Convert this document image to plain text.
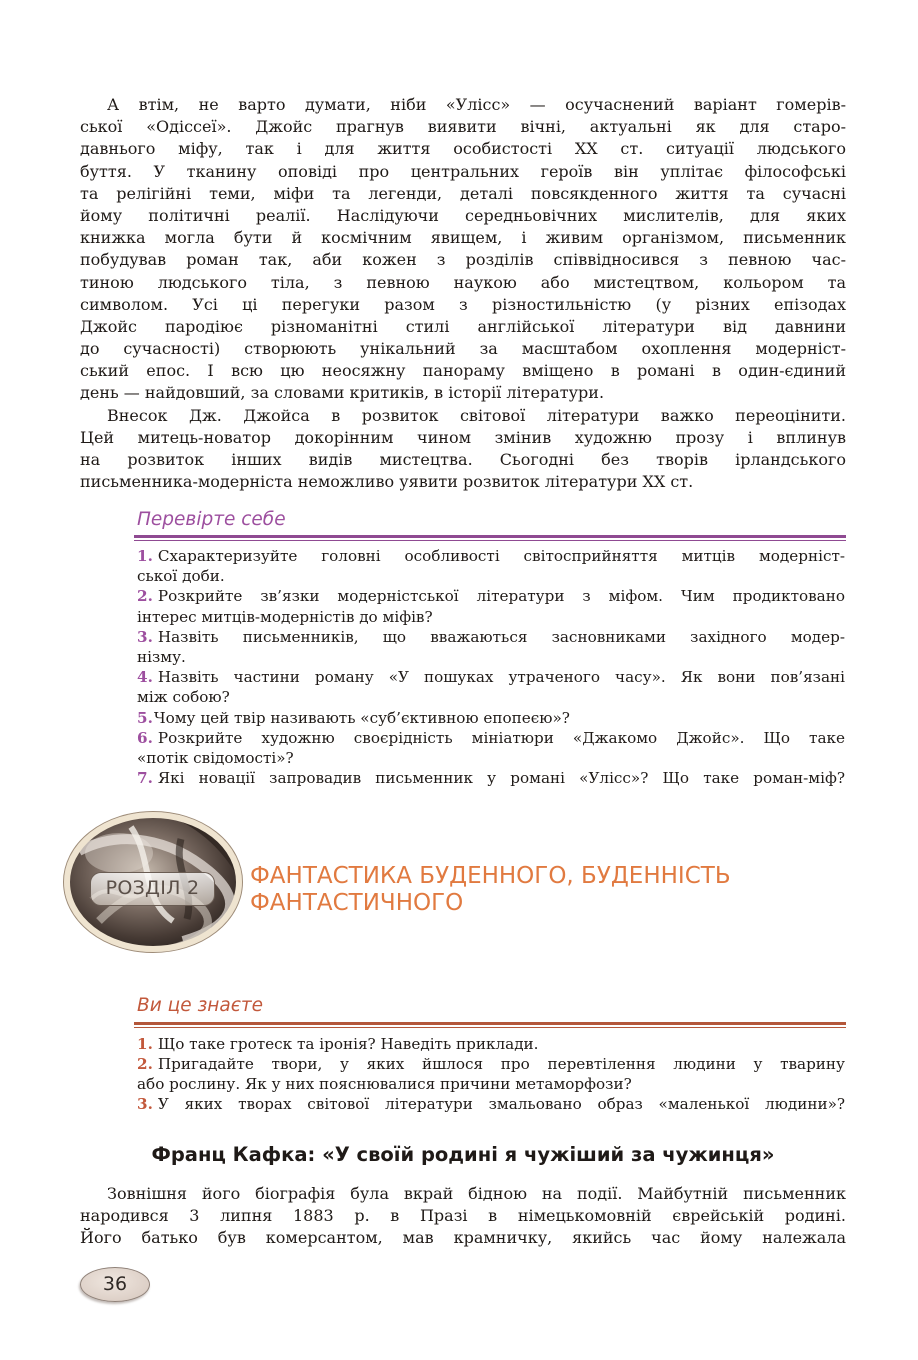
А втім, не варто думати, ніби «Улісс» — осучаснений варіант гомерів-
ської «Одіссеї». Джойс прагнув виявити вічні, актуальні як для старо-
давнього міфу, так і для життя особистості XX ст. ситуації людського
буття. У тканину оповіді про центральних героїв він уплітає філософські
та релігійні теми, міфи та легенди, деталі повсякденного життя та сучасні
йому політичні реалії. Наслідуючи середньовічних мислителів, для яких
книжка могла бути й космічним явищем, і живим організмом, письменник
побудував роман так, аби кожен з розділів співвідносився з певною час-
тиною людського тіла, з певною наукою або мистецтвом, кольором та
символом. Усі ці перегуки разом з різностильністю (у різних епізодах
Джойс пародіює різноманітні стилі англійської літератури від давнини
до сучасності) створюють унікальний за масштабом охоплення модерніст-
ський епос. І всю цю неосяжну панораму вміщено в романі в один-єдиний
день — найдовший, за словами критиків, в історії літератури.
Внесок Дж. Джойса в розвиток світової літератури важко переоцінити.
Цей митець-новатор докорінним чином змінив художню прозу і вплинув
на розвиток інших видів мистецтва. Сьогодні без творів ірландського
письменника-модерніста неможливо уявити розвиток літератури XX ст.
Перевірте себе
1. Схарактеризуйте головні особливості світосприйняття митців модерніст-
ської доби.
2. Розкрийте зв’язки модерністської літератури з міфом. Чим продиктовано
інтерес митців-модерністів до міфів?
3. Назвіть письменників, що вважаються засновниками західного модер-
нізму.
4. Назвіть частини роману «У пошуках утраченого часу». Як вони пов’язані
між собою?
5.Чому цей твір називають «суб’єктивною епопеєю»?
6. Розкрийте художню своєрідність мініатюри «Джакомо Джойс». Що таке
«потік свідомості»?
7. Які новації запровадив письменник у романі «Улісс»? Що таке роман-міф?
РОЗДІЛ 2	ФАНТАСТИКА БУДЕННОГО, БУДЕННІСТЬ
ФАНТАСТИЧНОГО
Ви це знаєте
1. Що таке гротеск та іронія? Наведіть приклади.
2. Пригадайте твори, у яких йшлося про перевтілення людини у тварину
або рослину. Як у них пояснювалися причини метаморфози?
3. У яких творах світової літератури змальовано образ «маленької людини»?
Франц Кафка: «У своїй родині я чужіший за чужинця»
Зовнішня його біографія була вкрай бідною на події. Майбутній письменник
народився 3 липня 1883 р. в Празі в німецькомовній єврейській родині.
Його батько був комерсантом, мав крамничку, якийсь час йому належала
36
